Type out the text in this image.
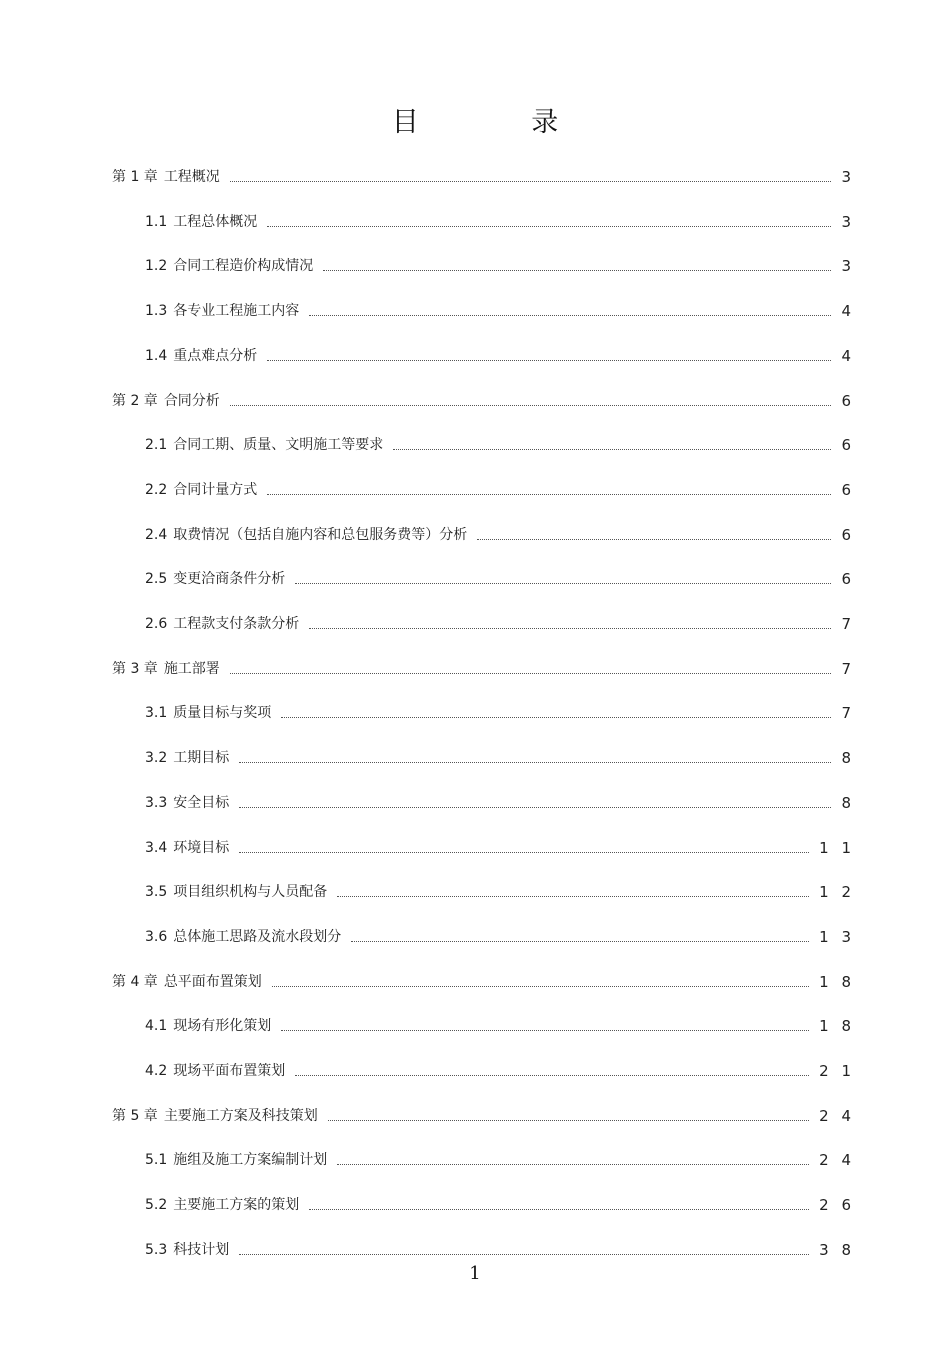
目 录
第 1 章 工程概况	3
1.1 工程总体概况	3
1.2 合同工程造价构成情况	3
1.3 各专业工程施工内容	4
1.4 重点难点分析	4
第 2 章 合同分析	6
2.1 合同工期、质量、文明施工等要求	6
2.2 合同计量方式	6
2.4 取费情况（包括自施内容和总包服务费等）分析	6
2.5 变更洽商条件分析	6
2.6 工程款支付条款分析	7
第 3 章 施工部署	7
3.1 质量目标与奖项	7
3.2 工期目标	8
3.3 安全目标	8
3.4 环境目标	1 1
3.5 项目组织机构与人员配备	1 2
3.6 总体施工思路及流水段划分	1 3
第 4 章 总平面布置策划	1 8
4.1 现场有形化策划	1 8
4.2 现场平面布置策划	2 1
第 5 章 主要施工方案及科技策划	2 4
5.1 施组及施工方案编制计划	2 4
5.2 主要施工方案的策划	2 6
5.3 科技计划	3 8
1
